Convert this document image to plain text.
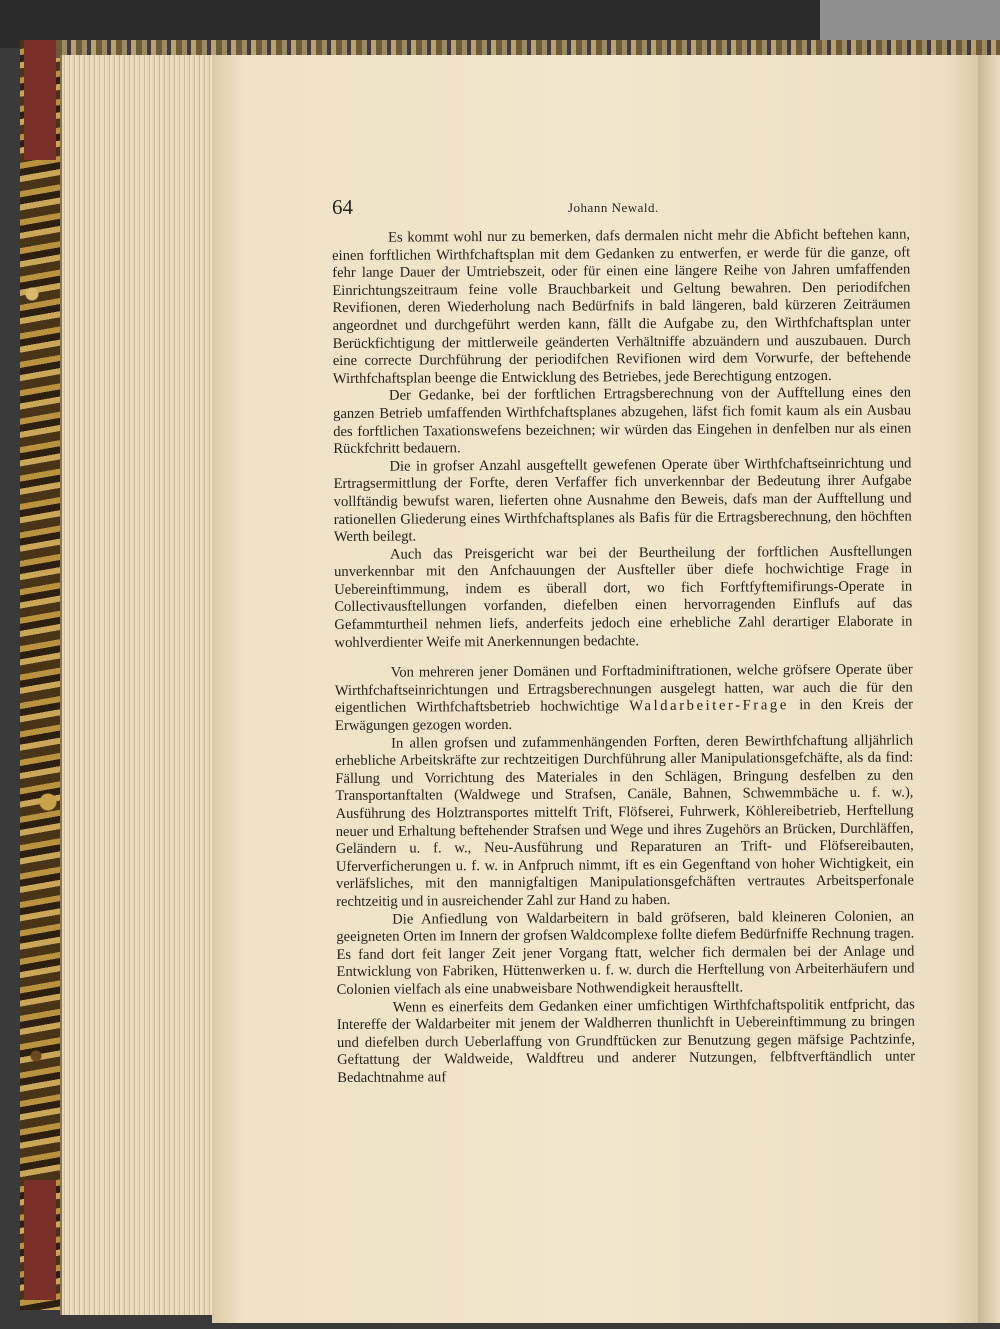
64	Johann Newald.

Es kommt wohl nur zu bemerken, dafs dermalen nicht mehr die Abficht beftehen kann, einen forftlichen Wirthfchaftsplan mit dem Gedanken zu entwerfen, er werde für die ganze, oft fehr lange Dauer der Umtriebszeit, oder für einen eine längere Reihe von Jahren umfaffenden Einrichtungszeitraum feine volle Brauchbarkeit und Geltung bewahren. Den periodifchen Revifionen, deren Wiederholung nach Bedürfnifs in bald längeren, bald kürzeren Zeiträumen angeordnet und durchgeführt werden kann, fällt die Aufgabe zu, den Wirthfchaftsplan unter Berückfichtigung der mittlerweile geänderten Verhältniffe abzuändern und auszubauen. Durch eine correcte Durchführung der periodifchen Revifionen wird dem Vorwurfe, der beftehende Wirthfchaftsplan beenge die Entwicklung des Betriebes, jede Berechtigung entzogen.

Der Gedanke, bei der forftlichen Ertragsberechnung von der Aufftellung eines den ganzen Betrieb umfaffenden Wirthfchaftsplanes abzugehen, läfst fich fomit kaum als ein Ausbau des forftlichen Taxationswefens bezeichnen; wir würden das Eingehen in denfelben nur als einen Rückfchritt bedauern.

Die in grofser Anzahl ausgeftellt gewefenen Operate über Wirthfchaftseinrichtung und Ertragsermittlung der Forfte, deren Verfaffer fich unverkennbar der Bedeutung ihrer Aufgabe vollftändig bewufst waren, lieferten ohne Ausnahme den Beweis, dafs man der Aufftellung und rationellen Gliederung eines Wirthfchaftsplanes als Bafis für die Ertragsberechnung, den höchften Werth beilegt.

Auch das Preisgericht war bei der Beurtheilung der forftlichen Ausftellungen unverkennbar mit den Anfchauungen der Ausfteller über diefe hochwichtige Frage in Uebereinftimmung, indem es überall dort, wo fich Forftfyftemifirungs-Operate in Collectivausftellungen vorfanden, diefelben einen hervorragenden Einflufs auf das Gefammturtheil nehmen liefs, anderfeits jedoch eine erhebliche Zahl derartiger Elaborate in wohlverdienter Weife mit Anerkennungen bedachte.

Von mehreren jener Domänen und Forftadminiftrationen, welche gröfsere Operate über Wirthfchaftseinrichtungen und Ertragsberechnungen ausgelegt hatten, war auch die für den eigentlichen Wirthfchaftsbetrieb hochwichtige Waldarbeiter-Frage in den Kreis der Erwägungen gezogen worden.

In allen grofsen und zufammenhängenden Forften, deren Bewirthfchaftung alljährlich erhebliche Arbeitskräfte zur rechtzeitigen Durchführung aller Manipulationsgefchäfte, als da find: Fällung und Vorrichtung des Materiales in den Schlägen, Bringung desfelben zu den Transportanftalten (Waldwege und Strafsen, Canäle, Bahnen, Schwemmbäche u. f. w.), Ausführung des Holztransportes mittelft Trift, Flöfserei, Fuhrwerk, Köhlereibetrieb, Herftellung neuer und Erhaltung beftehender Strafsen und Wege und ihres Zugehörs an Brücken, Durchläffen, Geländern u. f. w., Neu-Ausführung und Reparaturen an Trift- und Flöfsereibauten, Uferverficherungen u. f. w. in Anfpruch nimmt, ift es ein Gegenftand von hoher Wichtigkeit, ein verläfsliches, mit den mannigfaltigen Manipulationsgefchäften vertrautes Arbeitsperfonale rechtzeitig und in ausreichender Zahl zur Hand zu haben.

Die Anfiedlung von Waldarbeitern in bald gröfseren, bald kleineren Colonien, an geeigneten Orten im Innern der grofsen Waldcomplexe follte diefem Bedürfniffe Rechnung tragen. Es fand dort feit langer Zeit jener Vorgang ftatt, welcher fich dermalen bei der Anlage und Entwicklung von Fabriken, Hüttenwerken u. f. w. durch die Herftellung von Arbeiterhäufern und Colonien vielfach als eine unabweisbare Nothwendigkeit herausftellt.

Wenn es einerfeits dem Gedanken einer umfichtigen Wirthfchaftspolitik entfpricht, das Intereffe der Waldarbeiter mit jenem der Waldherren thunlichft in Uebereinftimmung zu bringen und diefelben durch Ueberlaffung von Grundftücken zur Benutzung gegen mäfsige Pachtzinfe, Geftattung der Waldweide, Waldftreu und anderer Nutzungen, felbftverftändlich unter Bedachtnahme auf
